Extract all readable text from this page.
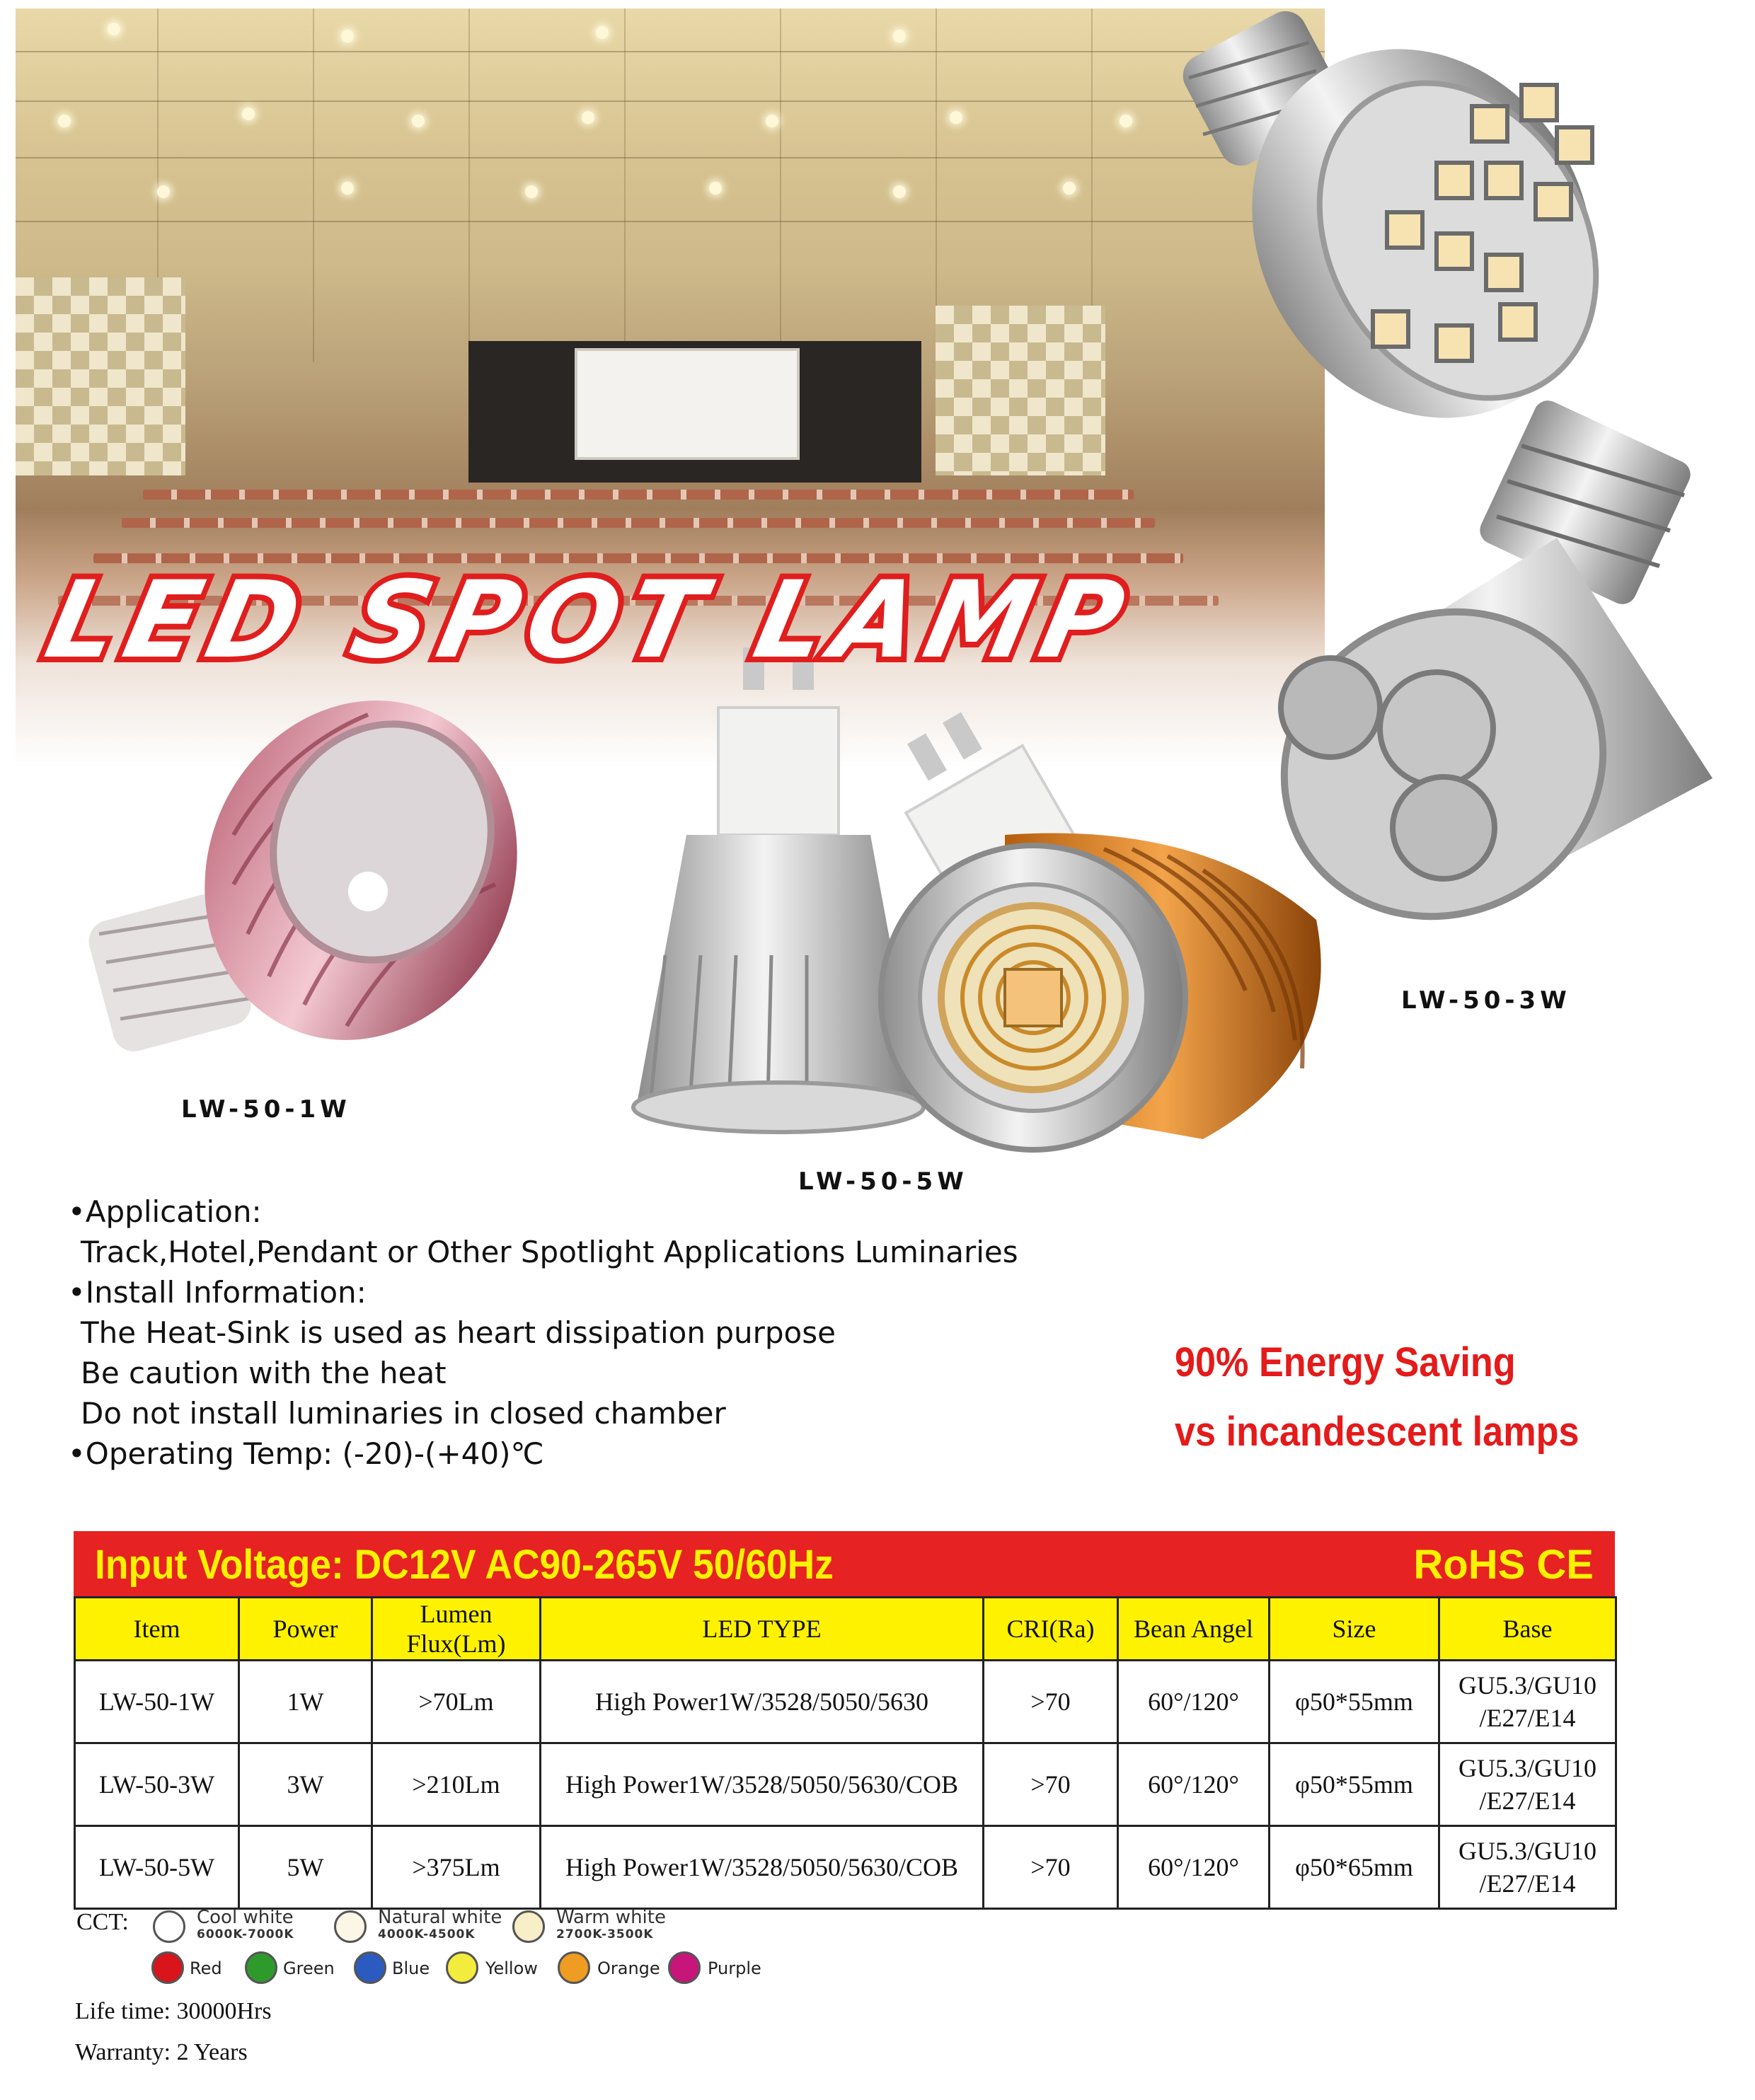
LED SPOT LAMP
LW-50-1W
LW-50-3W
LW-50-5W
•Application:
Track,Hotel,Pendant or Other Spotlight Applications Luminaries
•Install Information:
The Heat-Sink is used as heart dissipation purpose
Be caution with the heat
Do not install luminaries in closed chamber
•Operating Temp: (-20)-(+40)℃
90% Energy Saving
vs incandescent lamps
Input Voltage: DC12V AC90-265V 50/60Hz	RoHS CE
Item	Power	Lumen Flux(Lm)	LED TYPE	CRI(Ra)	Bean Angel	Size	Base
LW-50-1W	1W	>70Lm	High Power1W/3528/5050/5630	>70	60°/120°	φ50*55mm	GU5.3/GU10
/E27/E14

LW-50-3W	3W	>210Lm	High Power1W/3528/5050/5630/COB	>70	60°/120°	φ50*55mm	GU5.3/GU10
/E27/E14

LW-50-5W	5W	>375Lm	High Power1W/3528/5050/5630/COB	>70	60°/120°	φ50*65mm	GU5.3/GU10
/E27/E14
CCT:	Cool white
6000K-7000K
Natural white
4000K-4500K
Warm white
2700K-3500K
Red	Green	Blue	Yellow	Orange	Purple
Life time: 30000Hrs
Warranty: 2 Years
